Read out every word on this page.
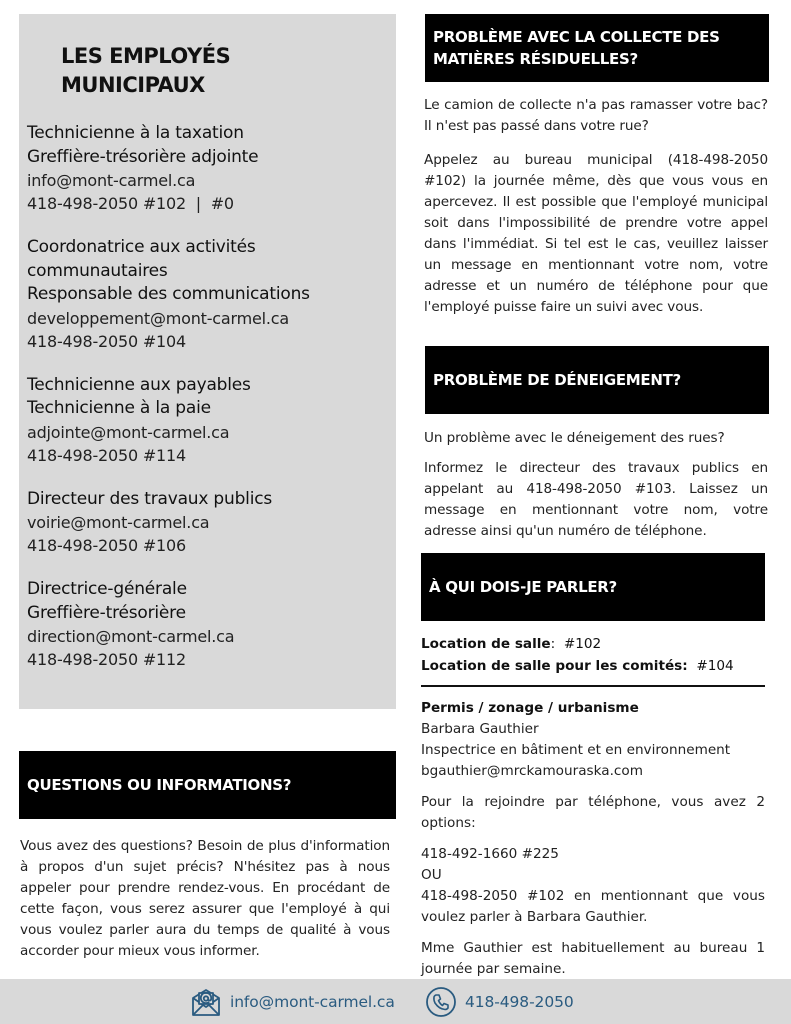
LES EMPLOYÉS MUNICIPAUX
Technicienne à la taxation
Greffière-trésorière adjointe
info@mont-carmel.ca
418-498-2050 #102  |  #0
Coordonatrice aux activités
communautaires
Responsable des communications
developpement@mont-carmel.ca
418-498-2050 #104
Technicienne aux payables
Technicienne à la paie
adjointe@mont-carmel.ca
418-498-2050 #114
Directeur des travaux publics
voirie@mont-carmel.ca
418-498-2050 #106
Directrice-générale
Greffière-trésorière
direction@mont-carmel.ca
418-498-2050 #112
QUESTIONS OU INFORMATIONS?
Vous avez des questions? Besoin de plus d'information à propos d'un sujet précis? N'hésitez pas à nous appeler pour prendre rendez-vous. En procédant de cette façon, vous serez assurer que l'employé à qui vous voulez parler aura du temps de qualité à vous accorder pour mieux vous informer.
PROBLÈME AVEC LA COLLECTE DES MATIÈRES RÉSIDUELLES?
Le camion de collecte n'a pas ramasser votre bac? Il n'est pas passé dans votre rue?
Appelez au bureau municipal (418-498-2050 #102) la journée même, dès que vous vous en apercevez. Il est possible que l'employé municipal soit dans l'impossibilité de prendre votre appel dans l'immédiat. Si tel est le cas, veuillez laisser un message en mentionnant votre nom, votre adresse et un numéro de téléphone pour que l'employé puisse faire un suivi avec vous.
PROBLÈME DE DÉNEIGEMENT?
Un problème avec le déneigement des rues?
Informez le directeur des travaux publics en appelant au 418-498-2050 #103. Laissez un message en mentionnant votre nom, votre adresse ainsi qu'un numéro de téléphone.
À QUI DOIS-JE PARLER?
Location de salle:  #102
Location de salle pour les comités:  #104
Permis / zonage / urbanisme
Barbara Gauthier
Inspectrice en bâtiment et en environnement
bgauthier@mrckamouraska.com
Pour la rejoindre par téléphone, vous avez 2 options:
418-492-1660 #225
OU
418-498-2050 #102 en mentionnant que vous voulez parler à Barbara Gauthier.
Mme Gauthier est habituellement au bureau 1 journée par semaine.
info@mont-carmel.ca	418-498-2050
